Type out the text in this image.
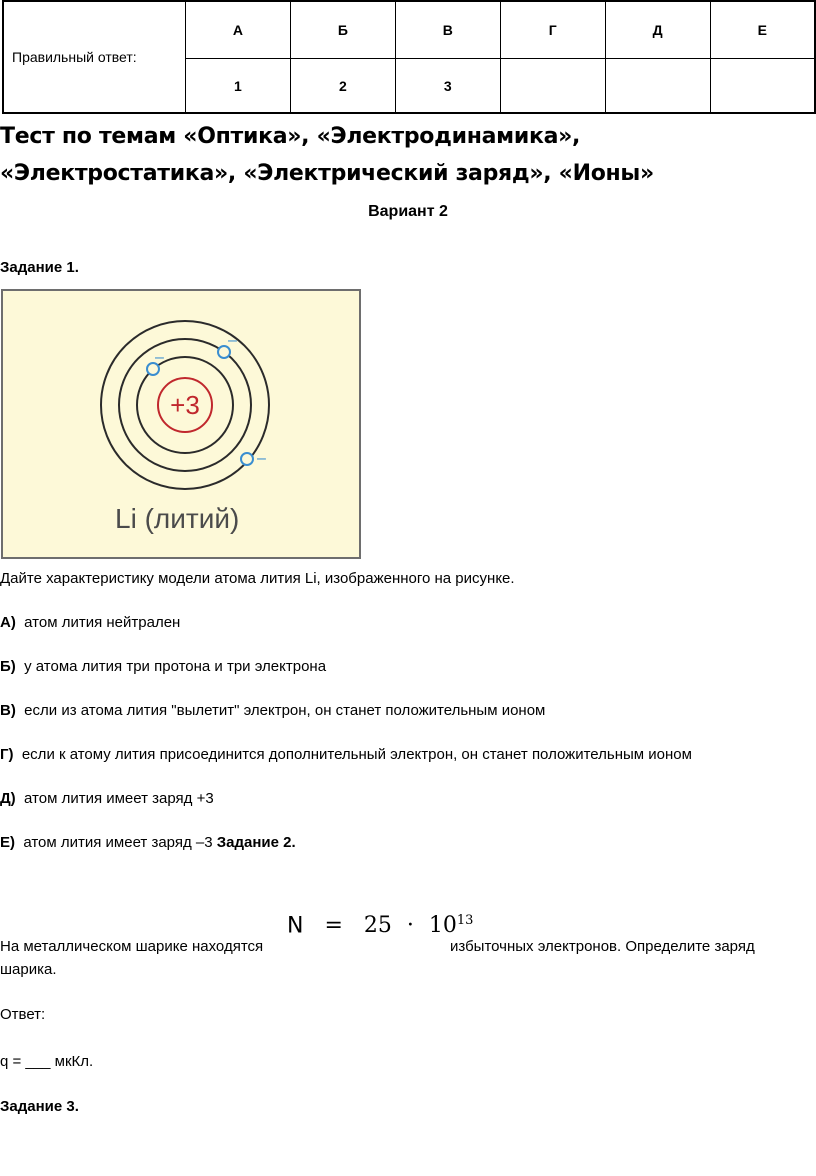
Правильный ответ:	А	Б	В	Г	Д	Е
	1	2	3			
Тест по темам «Оптика», «Электродинамика»,
«Электростатика», «Электрический заряд», «Ионы»
Вариант 2
Задание 1.
+3
–
–
–
Li (литий)
Дайте характеристику модели атома лития Li, изображенного на рисунке.
А) атом лития нейтрален
Б) у атома лития три протона и три электрона
В) если из атома лития "вылетит" электрон, он станет положительным ионом
Г) если к атому лития присоединится дополнительный электрон, он станет положительным ионом
Д) атом лития имеет заряд +3
Е) атом лития имеет заряд –3 Задание 2.
На металлическом шарике находятся
$N = 25 \cdot 10^{13}$
избыточных электронов. Определите заряд
шарика.
Ответ:
q = ___ мкКл.
Задание 3.
